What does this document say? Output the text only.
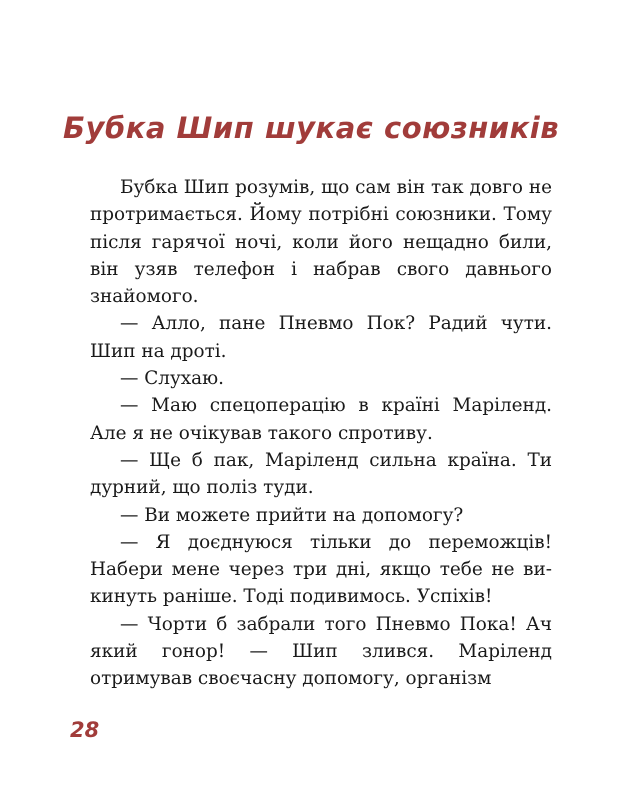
Бубка Шип шукає союзників

Бубка Шип розумів, що сам він так довго не протримається. Йому потрібні союзники. Тому після гарячої ночі, коли його нещадно били, він узяв телефон і набрав свого давнього знайомого.

— Алло, пане Пневмо Пок? Радий чути. Шип на дроті.

— Слухаю.

— Маю спецоперацію в країні Маріленд. Але я не очікував такого спротиву.

— Ще б пак, Маріленд сильна країна. Ти дурний, що поліз туди.

— Ви можете прийти на допомогу?

— Я доєднуюся тільки до переможців! Набери мене через три дні, якщо тебе не викинуть раніше. Тоді подивимось. Успіхів!

— Чорти б забрали того Пневмо Пока! Ач який гонор! — Шип злився. Маріленд отримував своєчасну допомогу, організм

28
